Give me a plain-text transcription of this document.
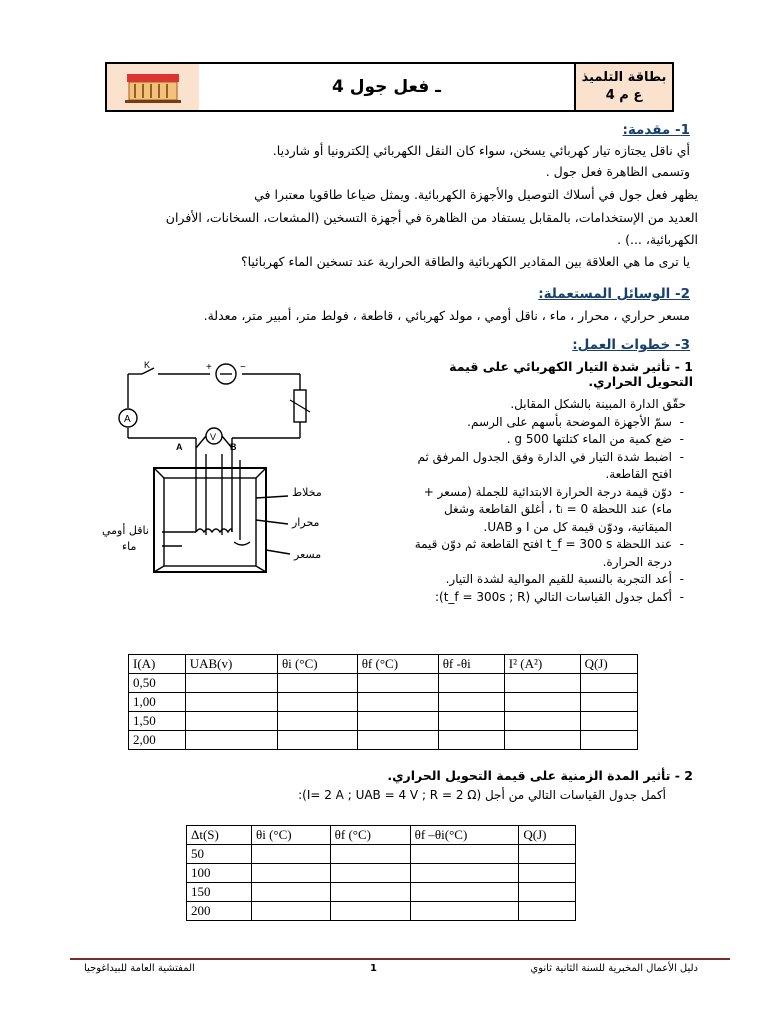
4 ـ فعل جول	بطاقة التلميذ
ع م 4
1- مقدمة:
أي ناقل يجتازه تيار كهربائي يسخن، سواء كان النقل الكهربائي إلكترونيا أو شارديا.
وتسمى الظاهرة فعل جول .
يظهر فعل جول في أسلاك التوصيل والأجهزة الكهربائية. ويمثل ضياعا طاقويا معتبرا في
العديد من الإستخدامات، بالمقابل يستفاد من الظاهرة في أجهزة التسخين (المشعات، السخانات، الأفران
الكهربائية، ...) .
يا ترى ما هي العلاقة بين المقادير الكهربائية والطاقة الحرارية عند تسخين الماء كهربائيا؟
2- الوسائل المستعملة:
مسعر حراري ، محرار ، ماء ، ناقل أومي ، مولد كهربائي ، قاطعة ، فولط متر، أمبير متر، معدلة.
3- خطوات العمل:
1 - تأثير شدة التيار الكهربائي على قيمة التحويل الحراري.
حقّق الدارة المبينة بالشكل المقابل.
- سمّ الأجهزة الموضحة بأسهم على الرسم.
- ضع كمية من الماء كتلتها 500 g .
- اضبط شدة التيار في الدارة وفق الجدول المرفق ثم افتح القاطعة.
- دوّن قيمة درجة الحرارة الابتدائية للجملة (مسعر + ماء) عند اللحظة tᵢ = 0 ، أغلق القاطعة وشغل الميقاتية، ودوّن قيمة كل من I و UAB.
- عند اللحظة t_f = 300 s افتح القاطعة ثم دوّن قيمة درجة الحرارة.
- أعد التجربة بالنسبة للقيم الموالية لشدة التيار.
- أكمل جدول القياسات التالي (t_f = 300s ; R):
K	+	−
A
V
A	B
مخلاط
محرار
مسعر
ناقل أومي
ماء
I(A)	UAB(v)	θi (°C)	θf (°C)	θf -θi	I² (A²)	Q(J)
0,50						
1,00						
1,50						
2,00						
2 - تأثير المدة الزمنية على قيمة التحويل الحراري.
أكمل جدول القياسات التالي من أجل (I= 2 A ; UAB = 4 V ; R = 2 Ω):
Δt(S)	θi (°C)	θf (°C)	θf –θi(°C)	Q(J)
50				
100				
150				
200				
دليل الأعمال المخبرية للسنة الثانية ثانوي
1
المفتشية العامة للبيداغوجيا
